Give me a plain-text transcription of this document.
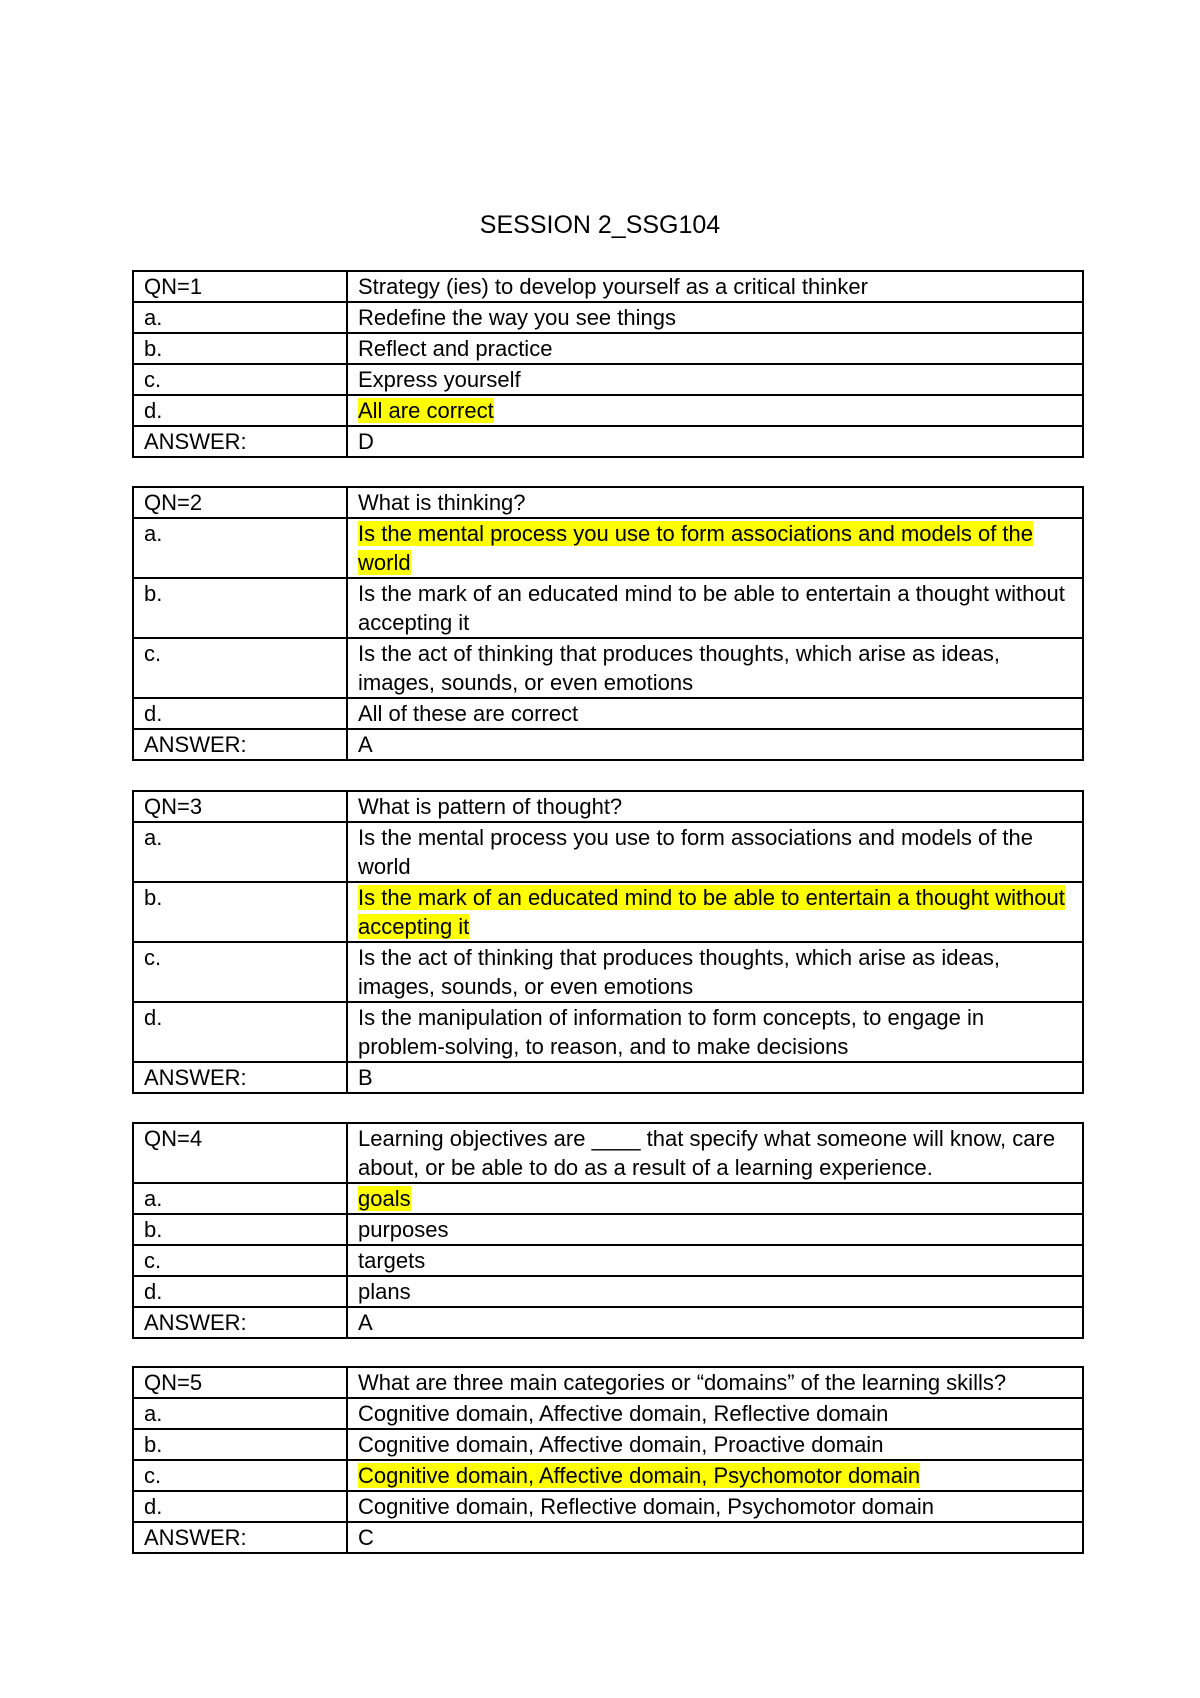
SESSION 2_SSG104
QN=1	Strategy (ies) to develop yourself as a critical thinker
a.	Redefine the way you see things
b.	Reflect and practice
c.	Express yourself
d.	All are correct
ANSWER:	D
QN=2	What is thinking?
a.	Is the mental process you use to form associations and models of the world
b.	Is the mark of an educated mind to be able to entertain a thought without accepting it
c.	Is the act of thinking that produces thoughts, which arise as ideas, images, sounds, or even emotions
d.	All of these are correct
ANSWER:	A
QN=3	What is pattern of thought?
a.	Is the mental process you use to form associations and models of the world
b.	Is the mark of an educated mind to be able to entertain a thought without accepting it
c.	Is the act of thinking that produces thoughts, which arise as ideas, images, sounds, or even emotions
d.	Is the manipulation of information to form concepts, to engage in problem-solving, to reason, and to make decisions
ANSWER:	B
QN=4	Learning objectives are ____ that specify what someone will know, care about, or be able to do as a result of a learning experience.
a.	goals
b.	purposes
c.	targets
d.	plans
ANSWER:	A
QN=5	What are three main categories or “domains” of the learning skills?
a.	Cognitive domain, Affective domain, Reflective domain
b.	Cognitive domain, Affective domain, Proactive domain
c.	Cognitive domain, Affective domain, Psychomotor domain
d.	Cognitive domain, Reflective domain, Psychomotor domain
ANSWER:	C
